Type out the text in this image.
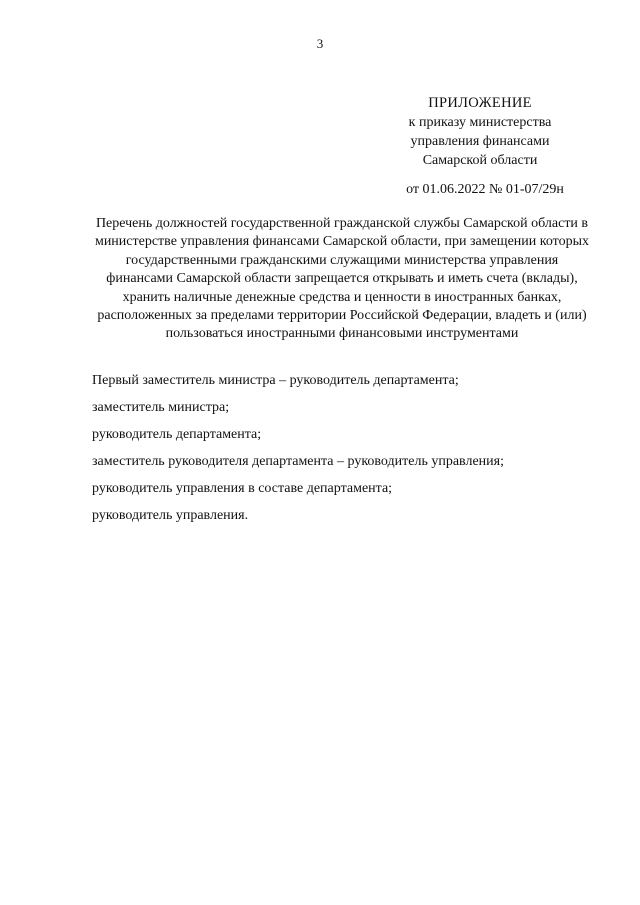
3
ПРИЛОЖЕНИЕ
к приказу министерства
управления финансами
Самарской области
от 01.06.2022 № 01-07/29н
Перечень должностей государственной гражданской службы Самарской области в министерстве управления финансами Самарской области, при замещении которых государственными гражданскими служащими министерства управления финансами Самарской области запрещается открывать и иметь счета (вклады), хранить наличные денежные средства и ценности в иностранных банках, расположенных за пределами территории Российской Федерации, владеть и (или) пользоваться иностранными финансовыми инструментами
Первый заместитель министра – руководитель департамента;
заместитель министра;
руководитель департамента;
заместитель руководителя департамента – руководитель управления;
руководитель управления в составе департамента;
руководитель управления.
